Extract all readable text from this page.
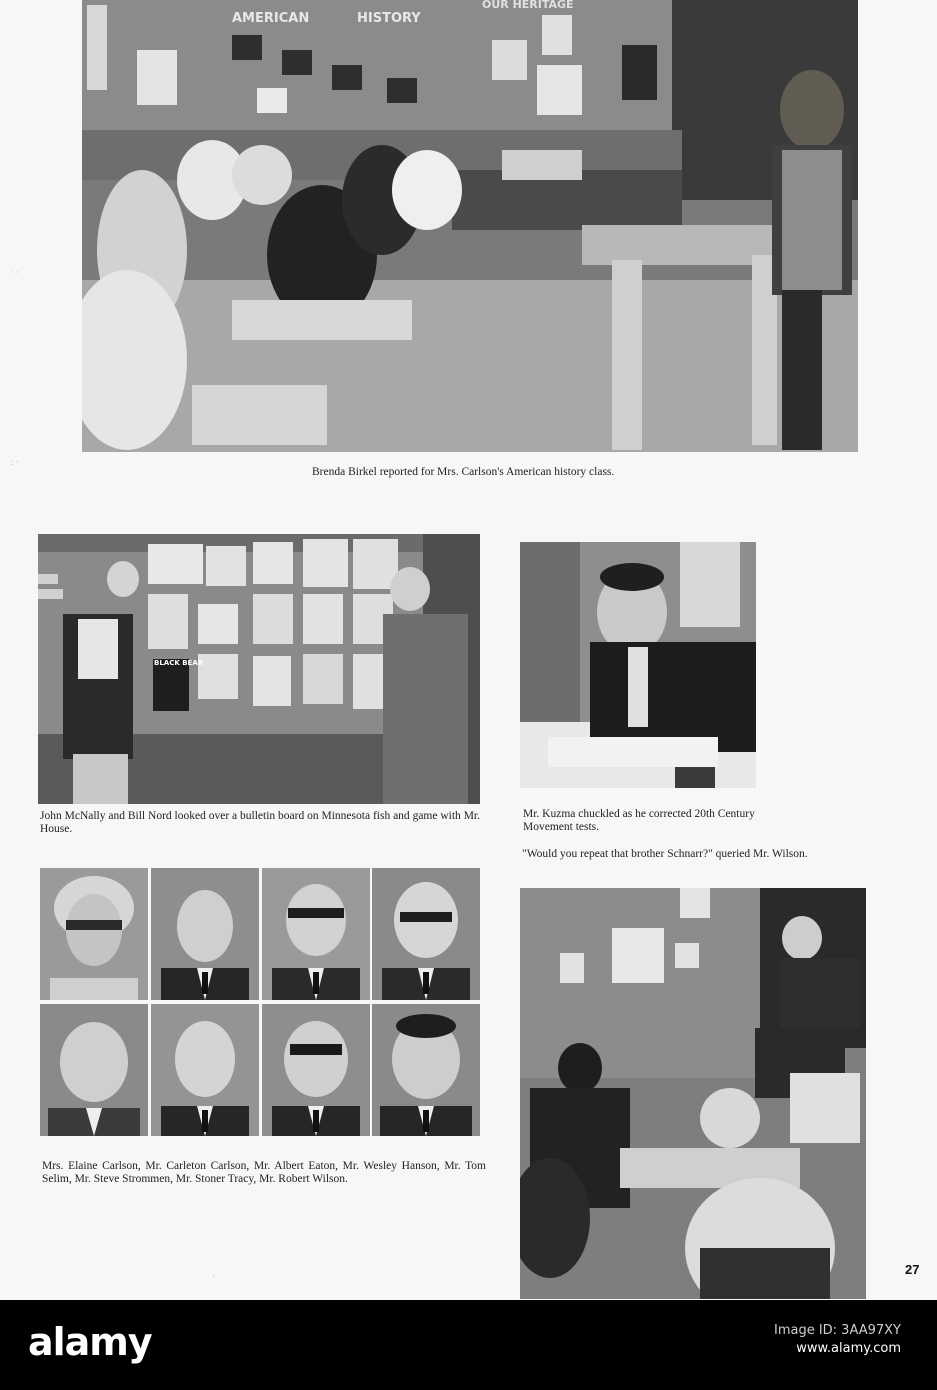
AMERICAN	HISTORY
OUR HERITAGE
Brenda Birkel reported for Mrs. Carlson's American history class.
· ·
: ·
BLACK BEAR
John McNally and Bill Nord looked over a bulletin board on Minnesota fish and game with Mr. House.
Mr. Kuzma chuckled as he corrected 20th Century Movement tests.
"Would you repeat that brother Schnarr?" queried Mr. Wilson.
Mrs. Elaine Carlson, Mr. Carleton Carlson, Mr. Albert Eaton, Mr. Wesley Hanson, Mr. Tom Selim, Mr. Steve Strommen, Mr. Stoner Tracy, Mr. Robert Wilson.
27
·
alamy	Image ID: 3AA97XY
www.alamy.com
